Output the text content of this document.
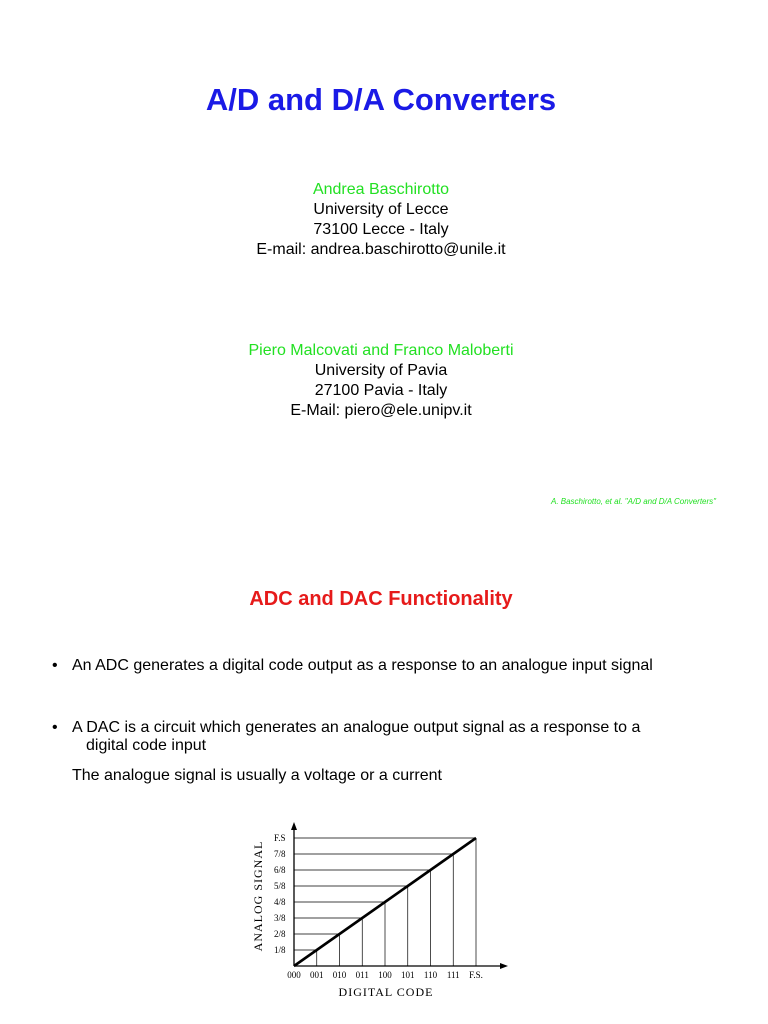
A/D and D/A Converters
Andrea Baschirotto
University of Lecce
73100 Lecce - Italy
E-mail: andrea.baschirotto@unile.it
Piero Malcovati and Franco Maloberti
University of Pavia
27100 Pavia - Italy
E-Mail: piero@ele.unipv.it
A. Baschirotto, et al. "A/D and D/A Converters"
ADC and DAC Functionality
• An ADC generates a digital code output as a response to an analogue input signal
• A DAC is a circuit which generates an analogue output signal as a response to a
digital code input
The analogue signal is usually a voltage or a current
1/8
2/8
3/8
4/8
5/8
6/8
7/8
F.S
000 001 010 011 100 101 110 111 F.S.
ANALOG SIGNAL
DIGITAL CODE
